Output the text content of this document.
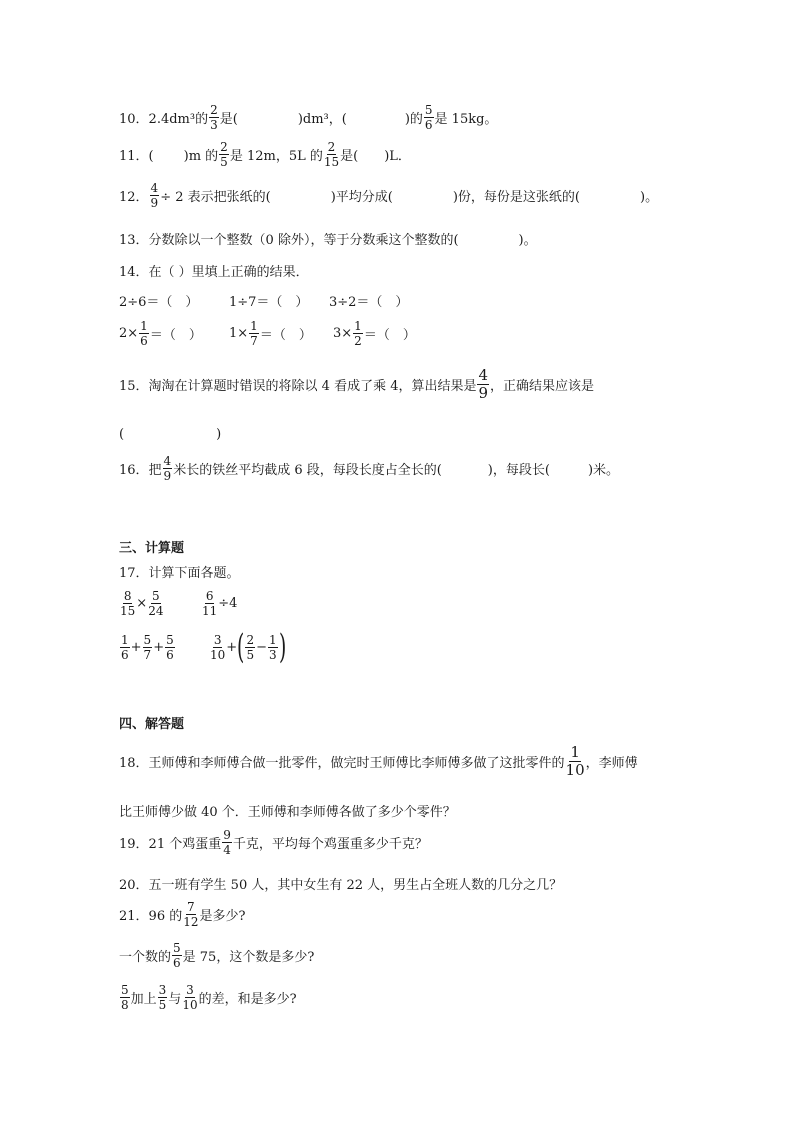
10． 2.4dm³的 $\frac{2}{3}$ 是(	)dm³，(	)的 $\frac{5}{6}$ 是 15kg。
11．( )m 的 $\frac{2}{5}$ 是 12m，5L 的 $\frac{2}{15}$ 是( )L．
12． $\frac{4}{9} \div 2$ 表示把张纸的(	)平均分成(	)份，每份是这张纸的(	)。
13．分数除以一个整数（0 除外），等于分数乘这个整数的(	)。
14．在（ ）里填上正确的结果．
2÷6＝（　）	1÷7＝（　）	3÷2＝（　）
$2\times \frac{1}{6}$ ＝（　） $1\times \frac{1}{7}$ ＝（　） $3\times \frac{1}{2}$ ＝（　）
15．淘淘在计算题时错误的将除以 4 看成了乘 4，算出结果是 $\frac{4}{9}$ ，正确结果应该是
(	)
16．把 $\frac{4}{9}$ 米长的铁丝平均截成 6 段，每段长度占全长的(	)，每段长(	)米。
三、计算题
17．计算下面各题。
$\frac{8}{15} \times \frac{5}{24}$	$\frac{6}{11} \div 4$
$\frac{1}{6} + \frac{5}{7} + \frac{5}{6}$	$\frac{3}{10}$ + ( $\frac{2}{5} - \frac{1}{3}$ )
四、解答题
18．王师傅和李师傅合做一批零件，做完时王师傅比李师傅多做了这批零件的 $\frac{1}{10}$ ，李师傅
比王师傅少做 40 个．王师傅和李师傅各做了多少个零件？
19．21 个鸡蛋重 $\frac{9}{4}$ 千克，平均每个鸡蛋重多少千克？
20．五一班有学生 50 人，其中女生有 22 人，男生占全班人数的几分之几？
21．96 的 $\frac{7}{12}$ 是多少?
一个数的 $\frac{5}{6}$ 是 75，这个数是多少?
$\frac{5}{8}$ 加上 $\frac{3}{5}$ 与 $\frac{3}{10}$ 的差，和是多少?
